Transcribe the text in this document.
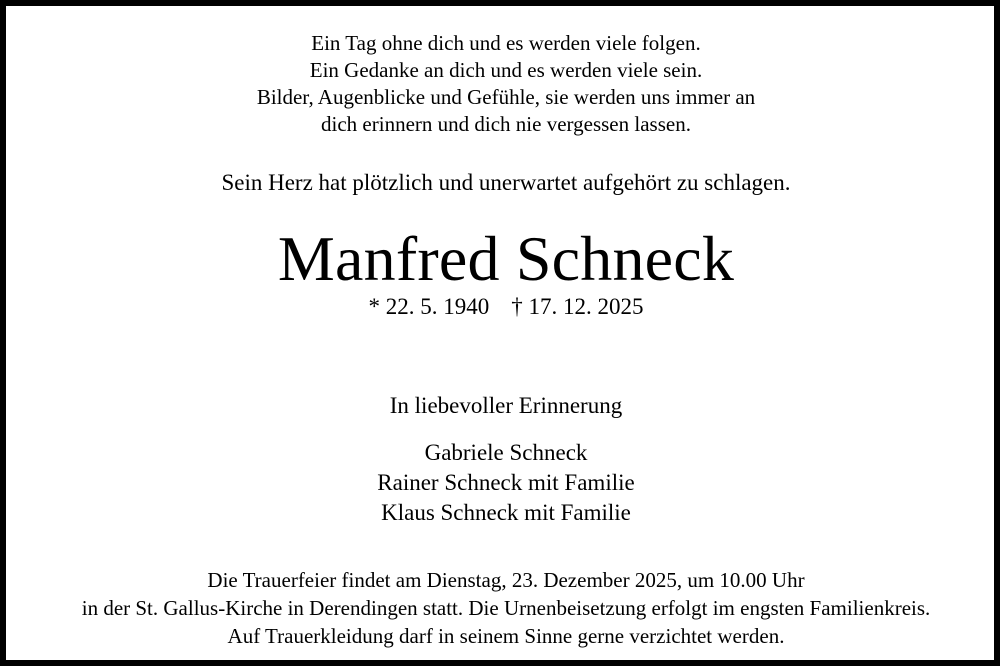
Ein Tag ohne dich und es werden viele folgen.
Ein Gedanke an dich und es werden viele sein.
Bilder, Augenblicke und Gefühle, sie werden uns immer an
dich erinnern und dich nie vergessen lassen.
Sein Herz hat plötzlich und unerwartet aufgehört zu schlagen.
Manfred Schneck
* 22. 5. 1940 † 17. 12. 2025
In liebevoller Erinnerung
Gabriele Schneck
Rainer Schneck mit Familie
Klaus Schneck mit Familie
Die Trauerfeier findet am Dienstag, 23. Dezember 2025, um 10.00 Uhr
in der St. Gallus-Kirche in Derendingen statt. Die Urnenbeisetzung erfolgt im engsten Familienkreis.
Auf Trauerkleidung darf in seinem Sinne gerne verzichtet werden.
